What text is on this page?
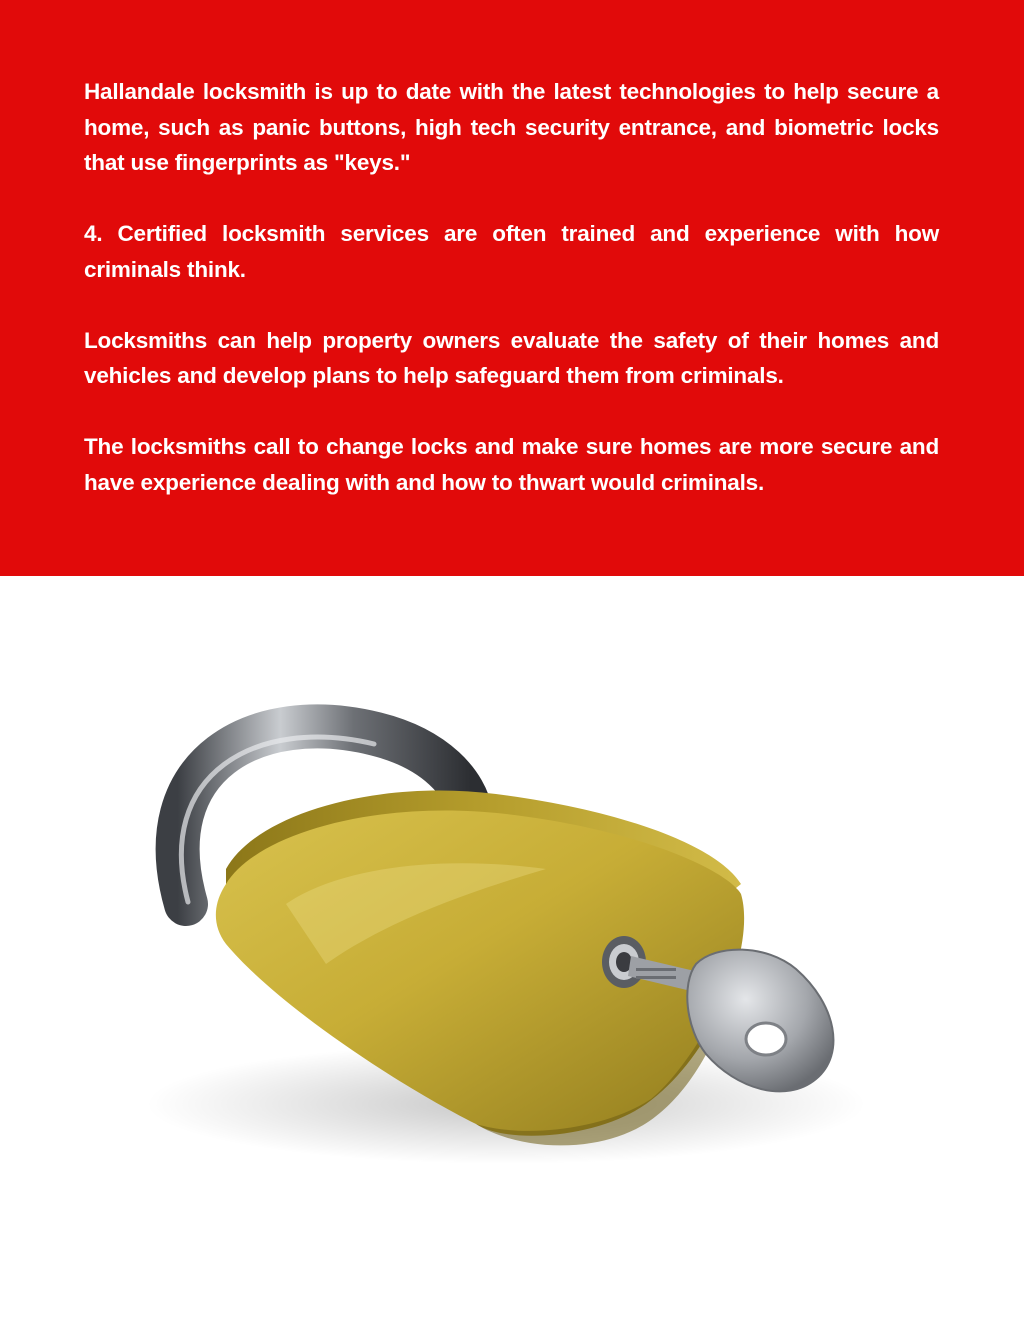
Hallandale locksmith is up to date with the latest technologies to help secure a home, such as panic buttons, high tech security entrance, and biometric locks that use fingerprints as "keys."

4. Certified locksmith services are often trained and experience with how criminals think.

Locksmiths can help property owners evaluate the safety of their homes and vehicles and develop plans to help safeguard them from criminals.

The locksmiths call to change locks and make sure homes are more secure and have experience dealing with and how to thwart would criminals.
